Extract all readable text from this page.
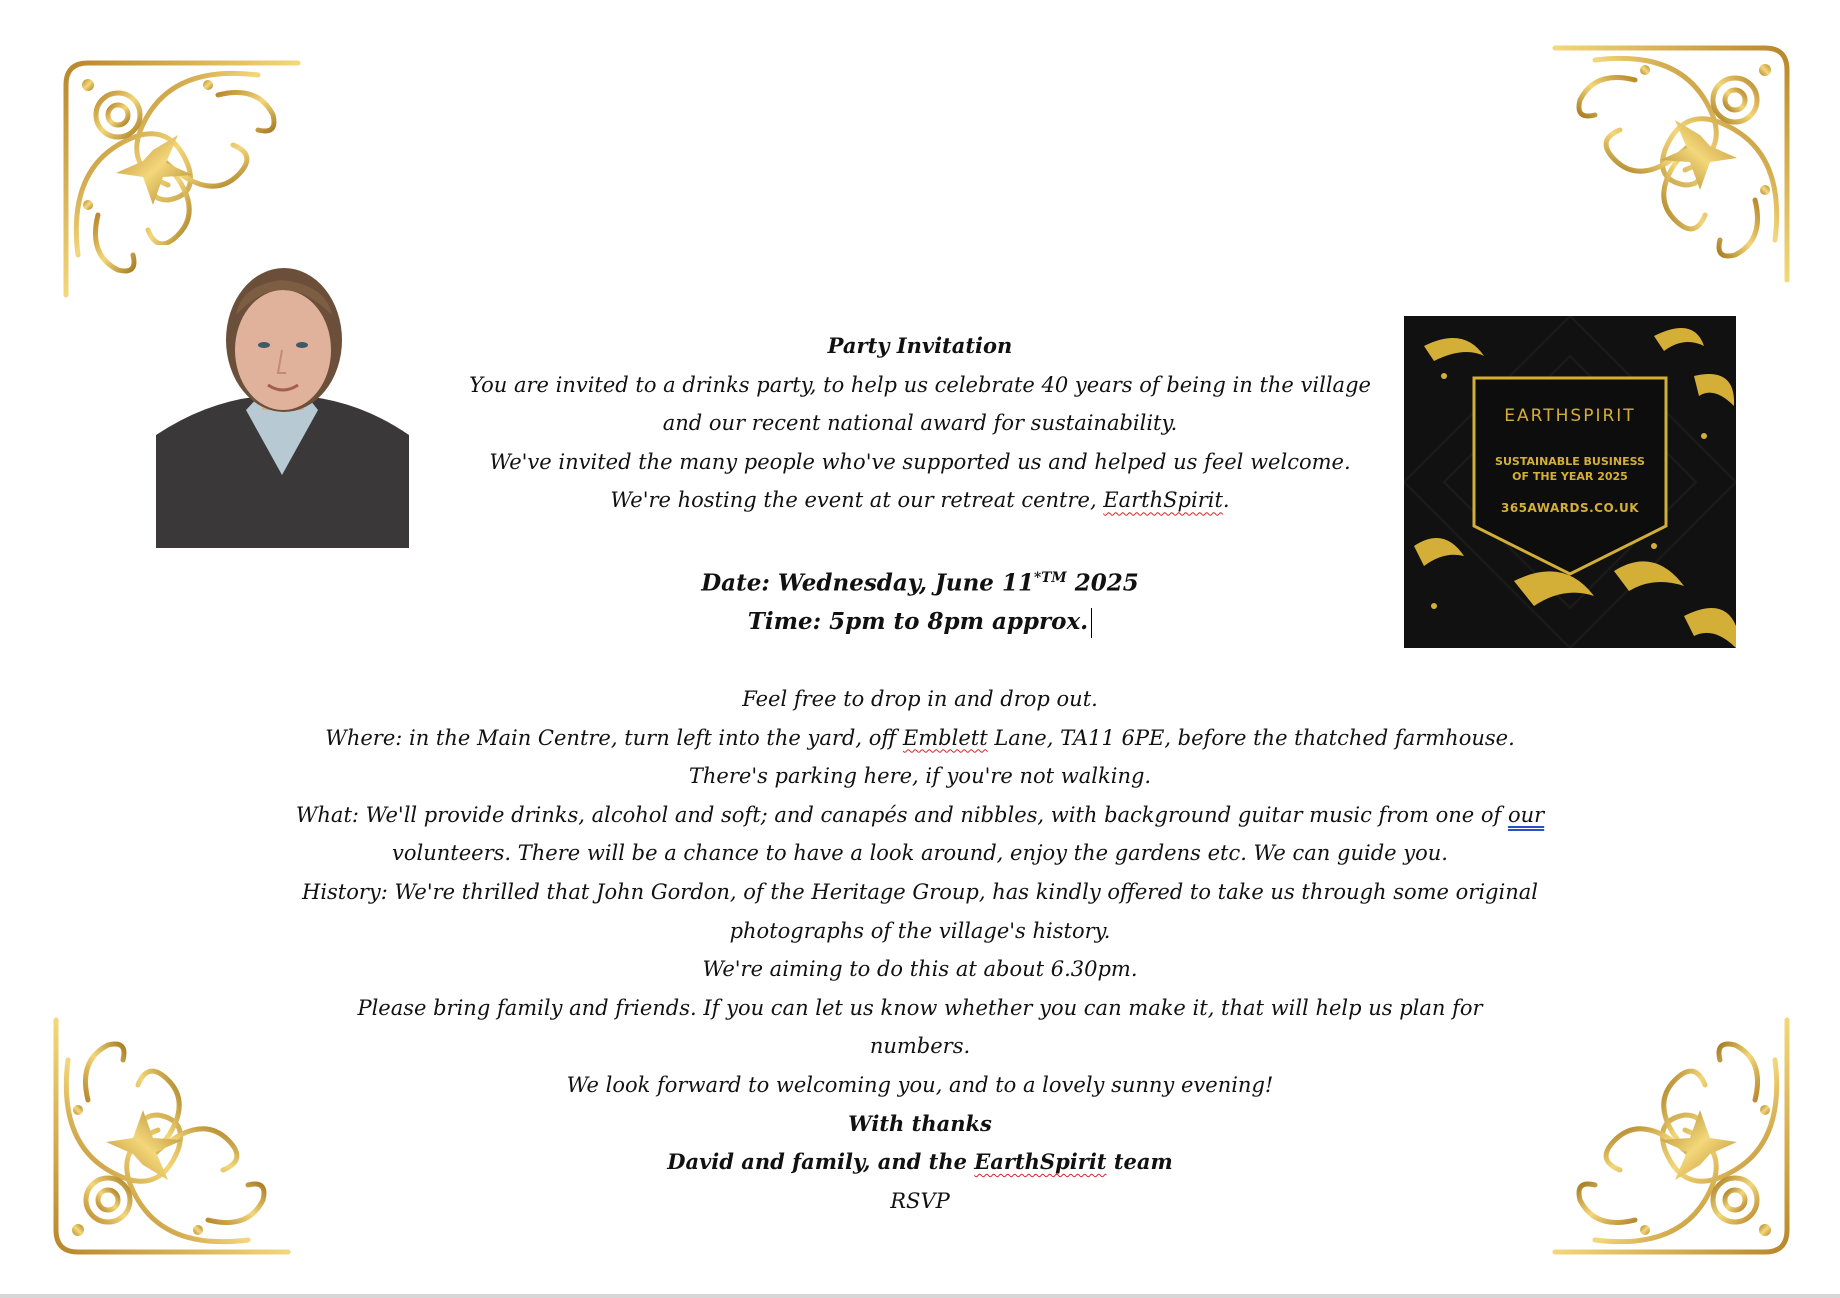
EARTHSPIRIT
SUSTAINABLE BUSINESS
OF THE YEAR 2025
365AWARDS.CO.UK

Party Invitation

You are invited to a drinks party, to help us celebrate 40 years of being in the village

and our recent national award for sustainability.

We've invited the many people who've supported us and helped us feel welcome.

We're hosting the event at our retreat centre, EarthSpirit.

Date: Wednesday, June $11^{*TM}$ 2025

Time: 5pm to 8pm approx.

Feel free to drop in and drop out.

Where: in the Main Centre, turn left into the yard, off Emblett Lane, TA11 6PE, before the thatched farmhouse.

There's parking here, if you're not walking.

What: We'll provide drinks, alcohol and soft; and canapés and nibbles, with background guitar music from one of our

volunteers. There will be a chance to have a look around, enjoy the gardens etc. We can guide you.

History: We're thrilled that John Gordon, of the Heritage Group, has kindly offered to take us through some original

photographs of the village's history.

We're aiming to do this at about 6.30pm.

Please bring family and friends. If you can let us know whether you can make it, that will help us plan for

numbers.

We look forward to welcoming you, and to a lovely sunny evening!

With thanks

David and family, and the EarthSpirit team

RSVP
